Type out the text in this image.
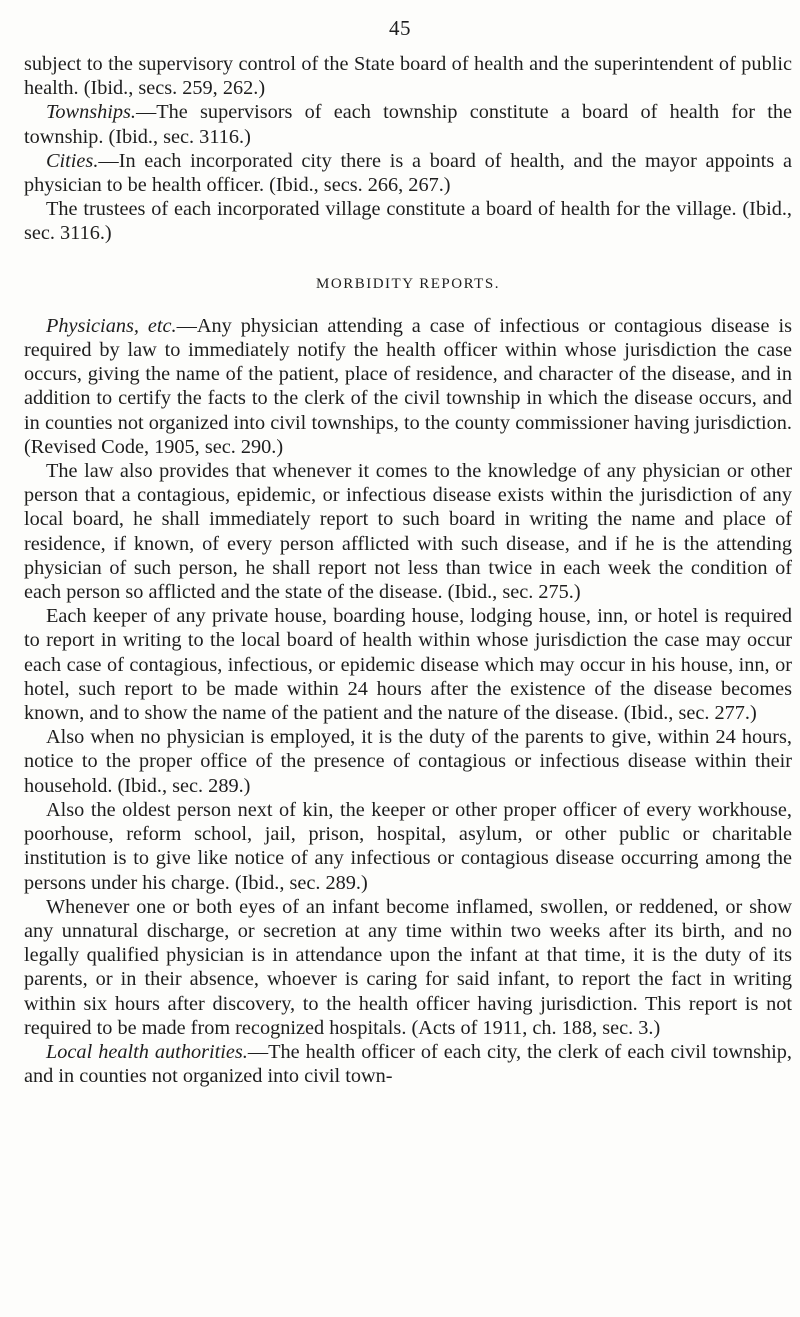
45

subject to the supervisory control of the State board of health and the superintendent of public health. (Ibid., secs. 259, 262.)

Townships.—The supervisors of each township constitute a board of health for the township. (Ibid., sec. 3116.)

Cities.—In each incorporated city there is a board of health, and the mayor appoints a physician to be health officer. (Ibid., secs. 266, 267.)

The trustees of each incorporated village constitute a board of health for the village. (Ibid., sec. 3116.)

MORBIDITY REPORTS.

Physicians, etc.—Any physician attending a case of infectious or contagious disease is required by law to immediately notify the health officer within whose jurisdiction the case occurs, giving the name of the patient, place of residence, and character of the disease, and in addition to certify the facts to the clerk of the civil township in which the disease occurs, and in counties not organized into civil townships, to the county commissioner having jurisdiction. (Revised Code, 1905, sec. 290.)

The law also provides that whenever it comes to the knowledge of any physician or other person that a contagious, epidemic, or infectious disease exists within the jurisdiction of any local board, he shall immediately report to such board in writing the name and place of residence, if known, of every person afflicted with such disease, and if he is the attending physician of such person, he shall report not less than twice in each week the condition of each person so afflicted and the state of the disease. (Ibid., sec. 275.)

Each keeper of any private house, boarding house, lodging house, inn, or hotel is required to report in writing to the local board of health within whose jurisdiction the case may occur each case of contagious, infectious, or epidemic disease which may occur in his house, inn, or hotel, such report to be made within 24 hours after the existence of the disease becomes known, and to show the name of the patient and the nature of the disease. (Ibid., sec. 277.)

Also when no physician is employed, it is the duty of the parents to give, within 24 hours, notice to the proper office of the presence of contagious or infectious disease within their household. (Ibid., sec. 289.)

Also the oldest person next of kin, the keeper or other proper officer of every workhouse, poorhouse, reform school, jail, prison, hospital, asylum, or other public or charitable institution is to give like notice of any infectious or contagious disease occurring among the persons under his charge. (Ibid., sec. 289.)

Whenever one or both eyes of an infant become inflamed, swollen, or reddened, or show any unnatural discharge, or secretion at any time within two weeks after its birth, and no legally qualified physician is in attendance upon the infant at that time, it is the duty of its parents, or in their absence, whoever is caring for said infant, to report the fact in writing within six hours after discovery, to the health officer having jurisdiction. This report is not required to be made from recognized hospitals. (Acts of 1911, ch. 188, sec. 3.)

Local health authorities.—The health officer of each city, the clerk of each civil township, and in counties not organized into civil town-
